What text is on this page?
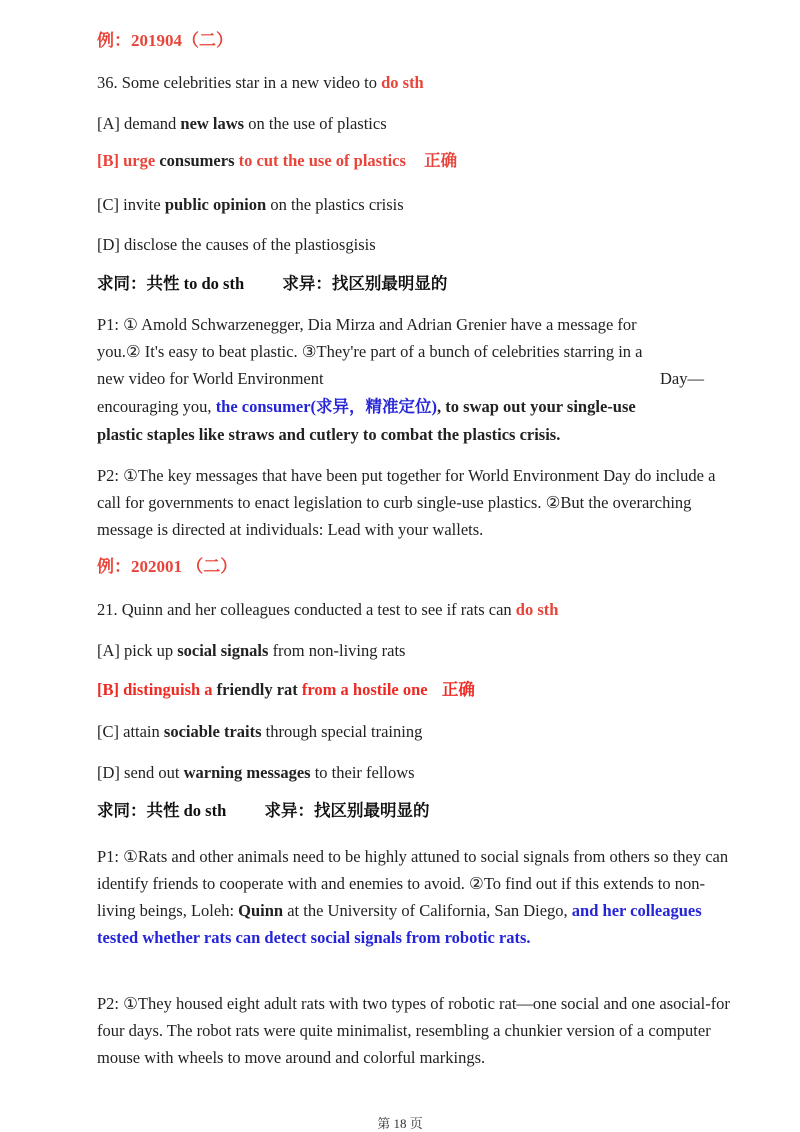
例：201904（二）
36. Some celebrities star in a new video to do sth
[A] demand new laws on the use of plastics
[B] urge consumers to cut the use of plastics 正确
[C] invite public opinion on the plastics crisis
[D] disclose the causes of the plastiosgisis
求同：共性 to do sth 求异：找区别最明显的
P1: ① Amold Schwarzenegger, Dia Mirza and Adrian Grenier have a message for
you.② It's easy to beat plastic. ③They're part of a bunch of celebrities starring in a
new video for World Environment	Day—
encouraging you, the consumer(求异，精准定位), to swap out your single-use
plastic staples like straws and cutlery to combat the plastics crisis.
P2: ①The key messages that have been put together for World Environment Day do include a call for governments to enact legislation to curb single-use plastics. ②But the overarching message is directed at individuals: Lead with your wallets.
例：202001 （二）
21. Quinn and her colleagues conducted a test to see if rats can do sth
[A] pick up social signals from non-living rats
[B] distinguish a friendly rat from a hostile one 正确
[C] attain sociable traits through special training
[D] send out warning messages to their fellows
求同：共性 do sth 求异：找区别最明显的
P1: ①Rats and other animals need to be highly attuned to social signals from others so they can identify friends to cooperate with and enemies to avoid. ②To find out if this extends to non-living beings, Loleh: Quinn at the University of California, San Diego, and her colleagues tested whether rats can detect social signals from robotic rats.
P2: ①They housed eight adult rats with two types of robotic rat—one social and one asocial-for four days. The robot rats were quite minimalist, resembling a chunkier version of a computer mouse with wheels to move around and colorful markings.
第 18 页
